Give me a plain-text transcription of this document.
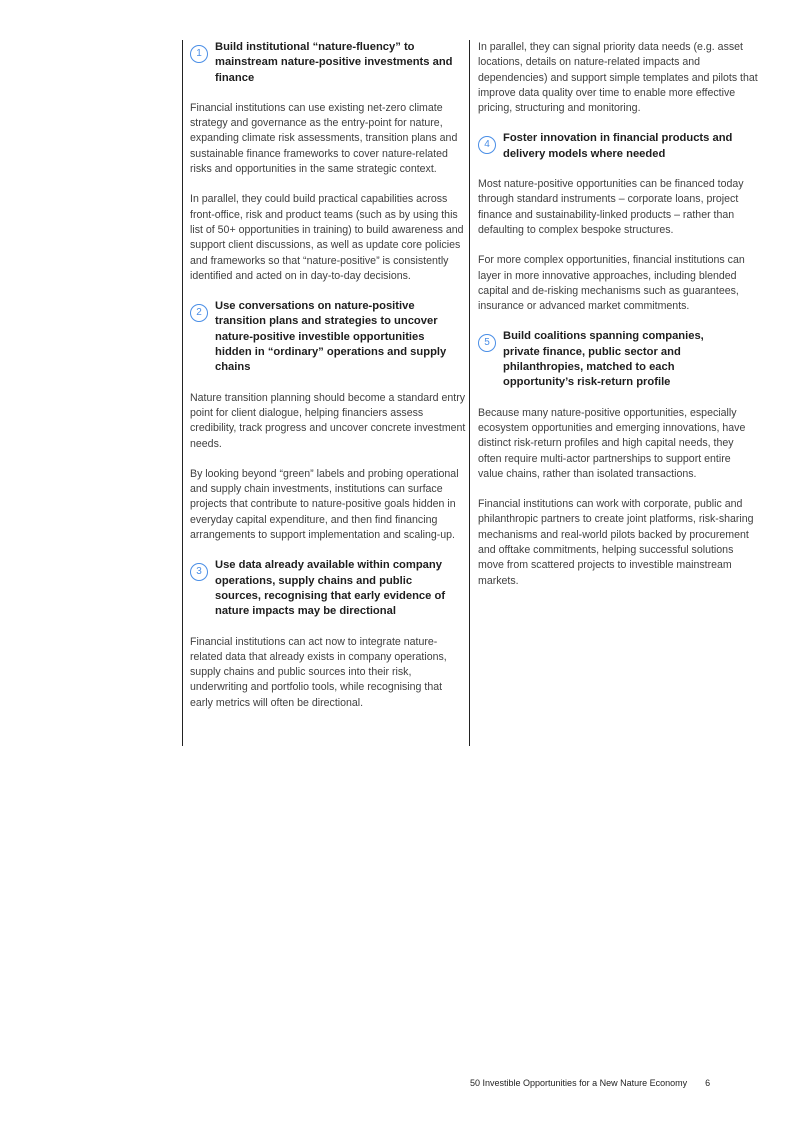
1
Build institutional “nature-fluency” to mainstream nature-positive investments and finance

Financial institutions can use existing net-zero climate strategy and governance as the entry-point for nature, expanding climate risk assessments, transition plans and sustainable finance frameworks to cover nature-related risks and opportunities in the same strategic context.

In parallel, they could build practical capabilities across front-office, risk and product teams (such as by using this list of 50+ opportunities in training) to build awareness and support client discussions, as well as update core policies and frameworks so that “nature-positive” is consistently identified and acted on in day-to-day decisions.

2
Use conversations on nature-positive transition plans and strategies to uncover nature-positive investible opportunities hidden in “ordinary” operations and supply chains

Nature transition planning should become a standard entry point for client dialogue, helping financiers assess credibility, track progress and uncover concrete investment needs.

By looking beyond “green” labels and probing operational and supply chain investments, institutions can surface projects that contribute to nature-positive goals hidden in everyday capital expenditure, and then find financing arrangements to support implementation and scaling-up.

3
Use data already available within company operations, supply chains and public sources, recognising that early evidence of nature impacts may be directional

Financial institutions can act now to integrate nature-related data that already exists in company operations, supply chains and public sources into their risk, underwriting and portfolio tools, while recognising that early metrics will often be directional.

In parallel, they can signal priority data needs (e.g. asset locations, details on nature-related impacts and dependencies) and support simple templates and pilots that improve data quality over time to enable more effective pricing, structuring and monitoring.

4
Foster innovation in financial products and delivery models where needed

Most nature-positive opportunities can be financed today through standard instruments – corporate loans, project finance and sustainability-linked products – rather than defaulting to complex bespoke structures.

For more complex opportunities, financial institutions can layer in more innovative approaches, including blended capital and de-risking mechanisms such as guarantees, insurance or advanced market commitments.

5
Build coalitions spanning companies, private finance, public sector and philanthropies, matched to each opportunity’s risk-return profile

Because many nature-positive opportunities, especially ecosystem opportunities and emerging innovations, have distinct risk-return profiles and high capital needs, they often require multi-actor partnerships to support entire value chains, rather than isolated transactions.

Financial institutions can work with corporate, public and philanthropic partners to create joint platforms, risk-sharing mechanisms and real-world pilots backed by procurement and offtake commitments, helping successful solutions move from scattered projects to investible mainstream markets.

50 Investible Opportunities for a New Nature Economy 6
